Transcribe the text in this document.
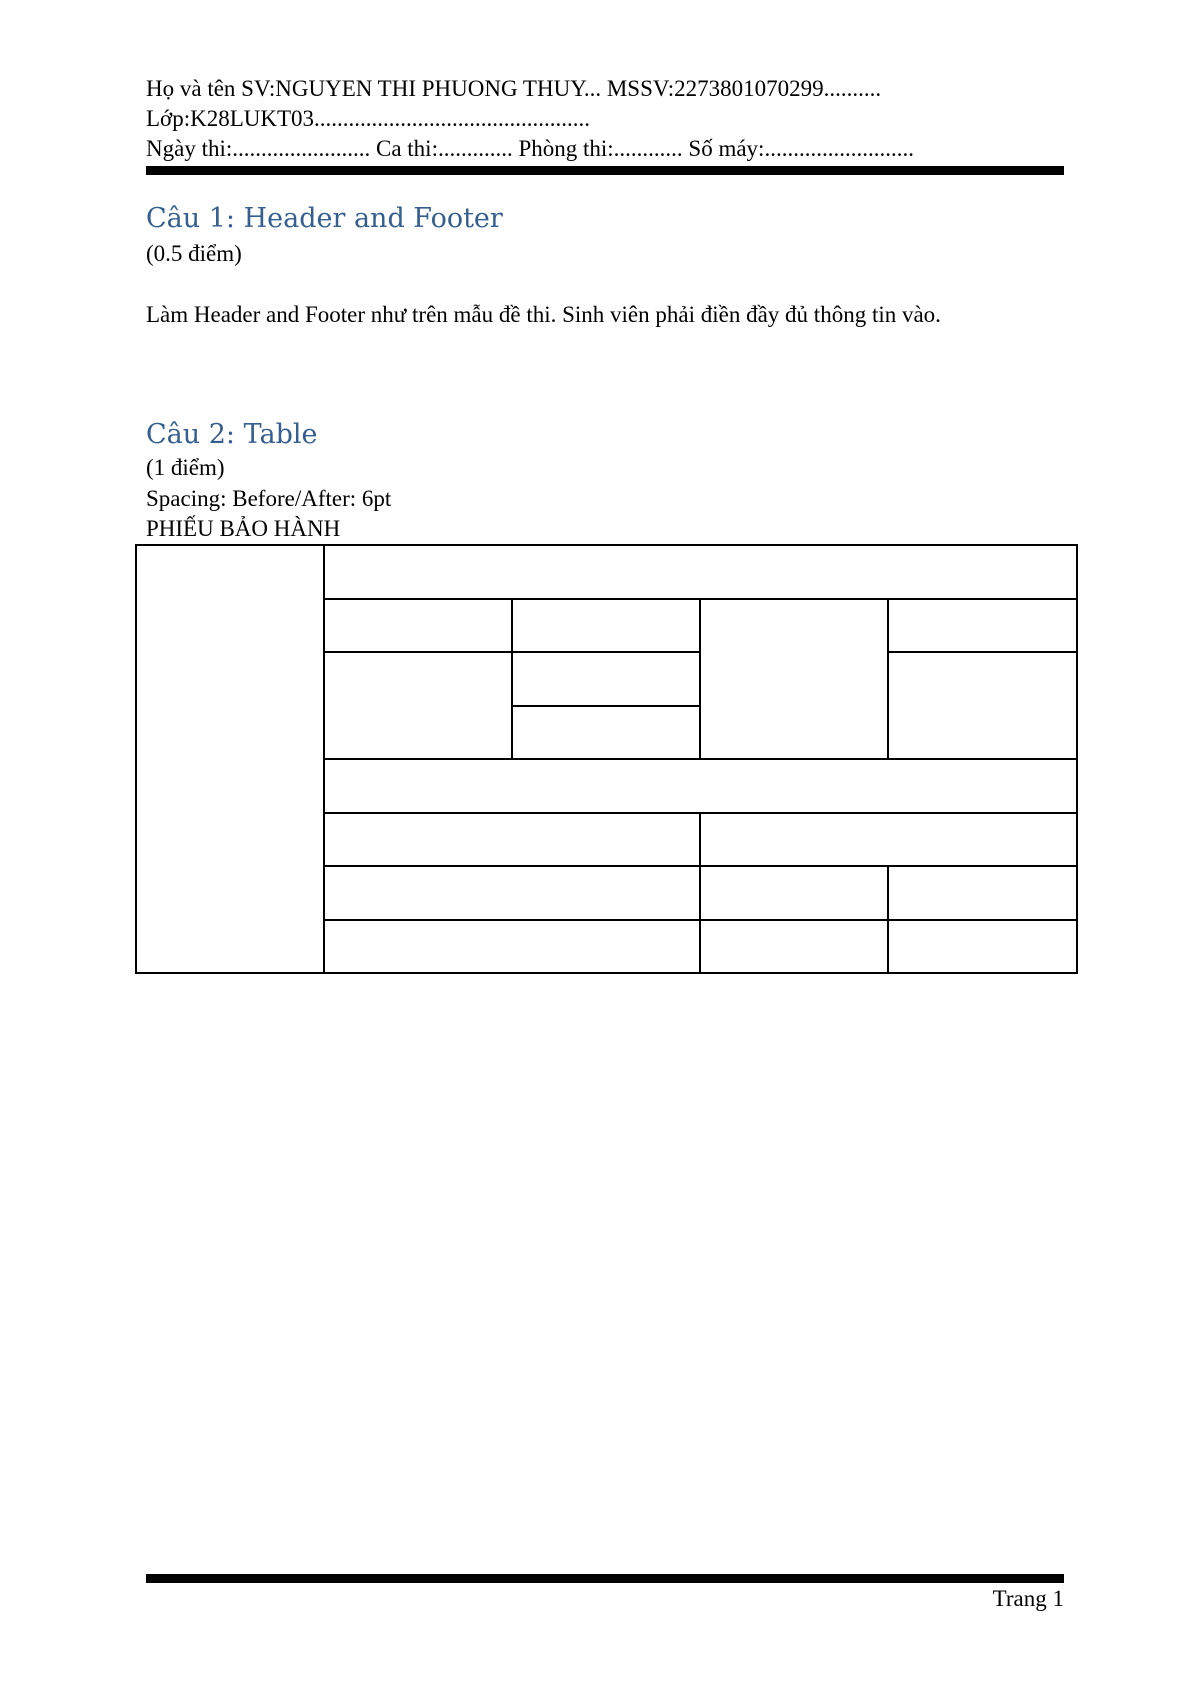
Họ và tên SV:NGUYEN THI PHUONG THUY... MSSV:2273801070299..........
Lớp:K28LUKT03................................................
Ngày thi:........................ Ca thi:............. Phòng thi:............ Số máy:..........................
Câu 1: Header and Footer
(0.5 điểm)
Làm Header and Footer như trên mẫu đề thi. Sinh viên phải điền đầy đủ thông tin vào.
Câu 2: Table
(1 điểm)
Spacing: Before/After: 6pt
PHIẾU BẢO HÀNH

Trang 1
